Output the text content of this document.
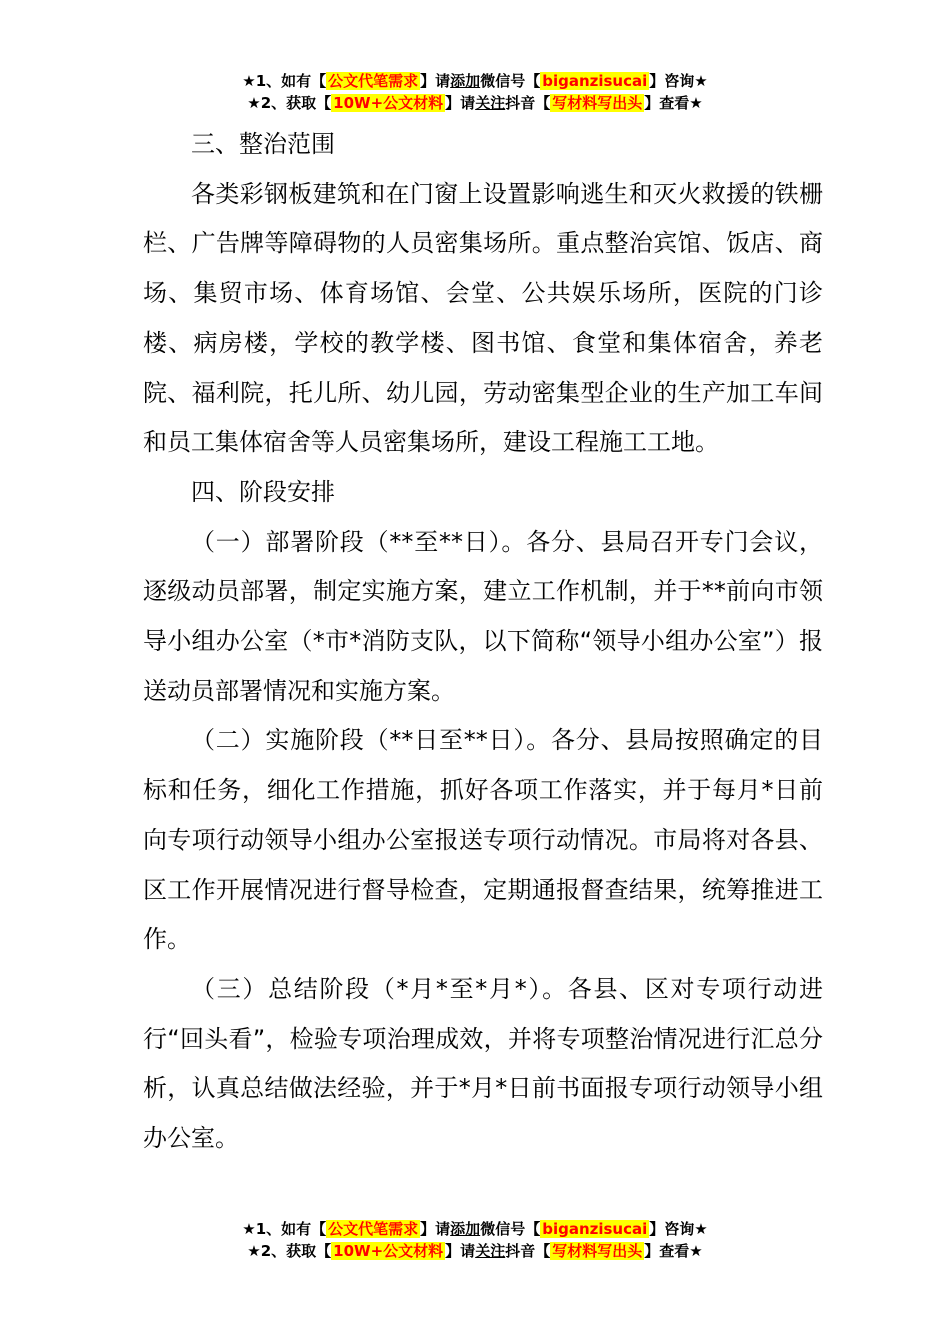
★1、如有【 公文代笔需求 】请添加微信号【 biganzisucai 】咨询★
★2、获取【 10W+公文材料 】请关注抖音【 写材料写出头 】查看★

三、整治范围

各类彩钢板建筑和在门窗上设置影响逃生和灭火救援的铁栅栏、广告牌等障碍物的人员密集场所。重点整治宾馆、饭店、商场、集贸市场、体育场馆、会堂、公共娱乐场所，医院的门诊楼、病房楼，学校的教学楼、图书馆、食堂和集体宿舍，养老院、福利院，托儿所、幼儿园，劳动密集型企业的生产加工车间和员工集体宿舍等人员密集场所，建设工程施工工地。

四、阶段安排

（一）部署阶段（**至**日）。各分、县局召开专门会议，逐级动员部署，制定实施方案，建立工作机制，并于**前向市领导小组办公室（*市*消防支队，以下简称“领导小组办公室”）报送动员部署情况和实施方案。

（二）实施阶段（**日至**日）。各分、县局按照确定的目标和任务，细化工作措施，抓好各项工作落实，并于每月*日前向专项行动领导小组办公室报送专项行动情况。市局将对各县、区工作开展情况进行督导检查，定期通报督查结果，统筹推进工作。

（三）总结阶段（*月*至*月*）。各县、区对专项行动进行“回头看”，检验专项治理成效，并将专项整治情况进行汇总分析，认真总结做法经验，并于*月*日前书面报专项行动领导小组办公室。

★1、如有【 公文代笔需求 】请添加微信号【 biganzisucai 】咨询★
★2、获取【 10W+公文材料 】请关注抖音【 写材料写出头 】查看★
